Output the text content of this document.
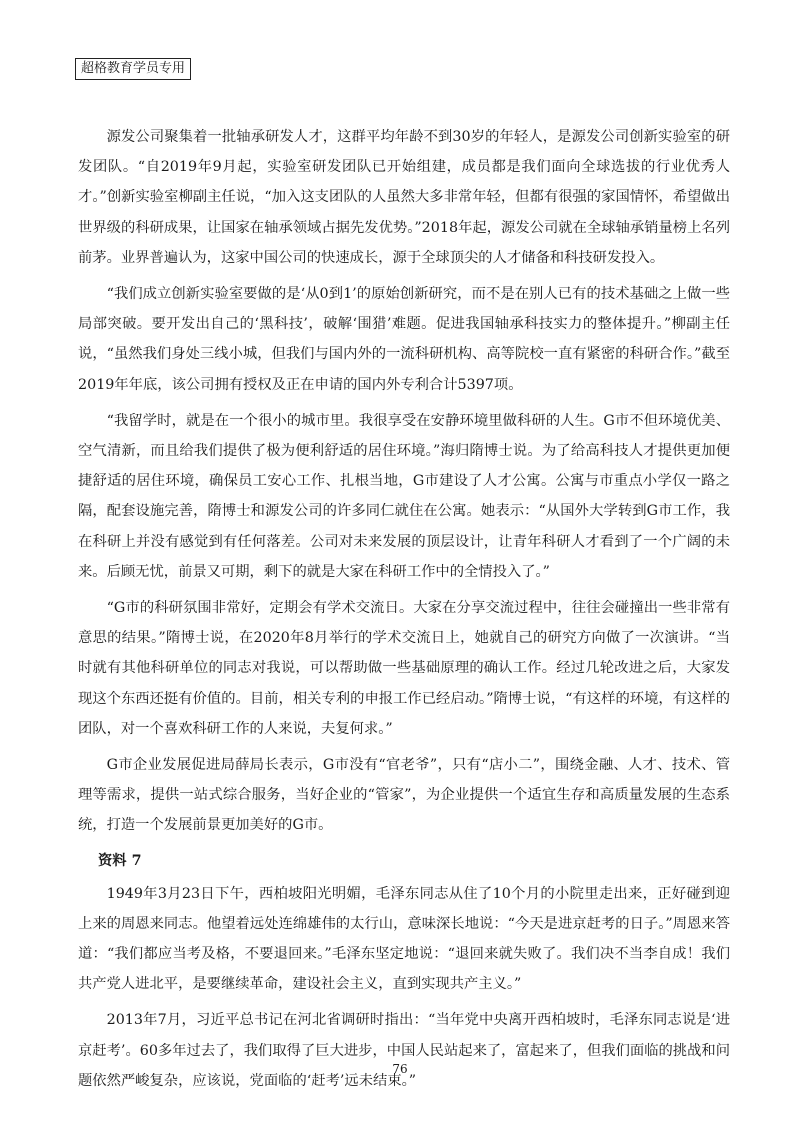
超格教育学员专用

源发公司聚集着一批轴承研发人才，这群平均年龄不到30岁的年轻人，是源发公司创新实验室的研发团队。“自2019年9月起，实验室研发团队已开始组建，成员都是我们面向全球选拔的行业优秀人才。”创新实验室柳副主任说，“加入这支团队的人虽然大多非常年轻，但都有很强的家国情怀，希望做出世界级的科研成果，让国家在轴承领域占据先发优势。”2018年起，源发公司就在全球轴承销量榜上名列前茅。业界普遍认为，这家中国公司的快速成长，源于全球顶尖的人才储备和科技研发投入。

“我们成立创新实验室要做的是‘从0到1’的原始创新研究，而不是在别人已有的技术基础之上做一些局部突破。要开发出自己的‘黑科技’，破解‘围猎’难题。促进我国轴承科技实力的整体提升。”柳副主任说，“虽然我们身处三线小城，但我们与国内外的一流科研机构、高等院校一直有紧密的科研合作。”截至2019年年底，该公司拥有授权及正在申请的国内外专利合计5397项。

“我留学时，就是在一个很小的城市里。我很享受在安静环境里做科研的人生。G市不但环境优美、空气清新，而且给我们提供了极为便利舒适的居住环境。”海归隋博士说。为了给高科技人才提供更加便捷舒适的居住环境，确保员工安心工作、扎根当地，G市建设了人才公寓。公寓与市重点小学仅一路之隔，配套设施完善，隋博士和源发公司的许多同仁就住在公寓。她表示：“从国外大学转到G市工作，我在科研上并没有感觉到有任何落差。公司对未来发展的顶层设计，让青年科研人才看到了一个广阔的未来。后顾无忧，前景又可期，剩下的就是大家在科研工作中的全情投入了。”

“G市的科研氛围非常好，定期会有学术交流日。大家在分享交流过程中，往往会碰撞出一些非常有意思的结果。”隋博士说，在2020年8月举行的学术交流日上，她就自己的研究方向做了一次演讲。“当时就有其他科研单位的同志对我说，可以帮助做一些基础原理的确认工作。经过几轮改进之后，大家发现这个东西还挺有价值的。目前，相关专利的申报工作已经启动。”隋博士说，“有这样的环境，有这样的团队，对一个喜欢科研工作的人来说，夫复何求。”

G市企业发展促进局薛局长表示，G市没有“官老爷”，只有“店小二”，围绕金融、人才、技术、管理等需求，提供一站式综合服务，当好企业的“管家”，为企业提供一个适宜生存和高质量发展的生态系统，打造一个发展前景更加美好的G市。

资料 7

1949年3月23日下午，西柏坡阳光明媚，毛泽东同志从住了10个月的小院里走出来，正好碰到迎上来的周恩来同志。他望着远处连绵雄伟的太行山，意味深长地说：“今天是进京赶考的日子。”周恩来答道：“我们都应当考及格，不要退回来。”毛泽东坚定地说：“退回来就失败了。我们决不当李自成！我们共产党人进北平，是要继续革命，建设社会主义，直到实现共产主义。”

2013年7月，习近平总书记在河北省调研时指出：“当年党中央离开西柏坡时，毛泽东同志说是‘进京赶考’。60多年过去了，我们取得了巨大进步，中国人民站起来了，富起来了，但我们面临的挑战和问题依然严峻复杂，应该说，党面临的‘赶考’远未结束。”

76
